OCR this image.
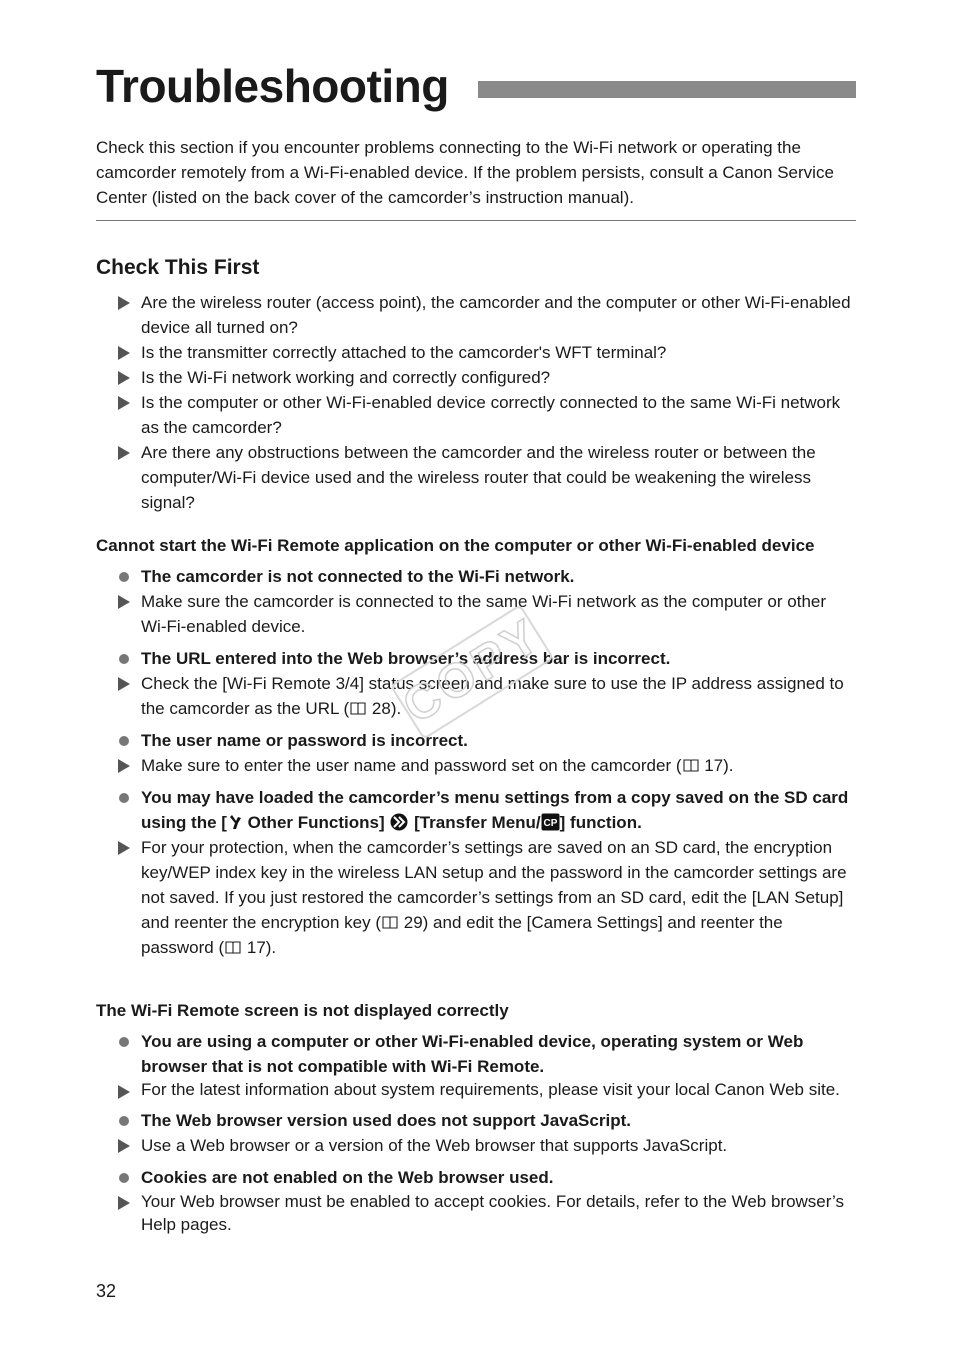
Troubleshooting
Check this section if you encounter problems connecting to the Wi-Fi network or operating the camcorder remotely from a Wi-Fi-enabled device. If the problem persists, consult a Canon Service Center (listed on the back cover of the camcorder’s instruction manual).
Check This First
Are the wireless router (access point), the camcorder and the computer or other Wi-Fi-enabled device all turned on?
Is the transmitter correctly attached to the camcorder's WFT terminal?
Is the Wi-Fi network working and correctly configured?
Is the computer or other Wi-Fi-enabled device correctly connected to the same Wi-Fi network as the camcorder?
Are there any obstructions between the camcorder and the wireless router or between the computer/Wi-Fi device used and the wireless router that could be weakening the wireless signal?
Cannot start the Wi-Fi Remote application on the computer or other Wi-Fi-enabled device
The camcorder is not connected to the Wi-Fi network.
Make sure the camcorder is connected to the same Wi-Fi network as the computer or other Wi-Fi-enabled device.
The URL entered into the Web browser’s address bar is incorrect.
Check the [Wi-Fi Remote 3/4] status screen and make sure to use the IP address assigned to the camcorder as the URL ( 28).
The user name or password is incorrect.
Make sure to enter the user name and password set on the camcorder ( 17).
You may have loaded the camcorder’s menu settings from a copy saved on the SD card using the [ Other Functions]  [Transfer Menu/ CP ] function.
For your protection, when the camcorder’s settings are saved on an SD card, the encryption key/WEP index key in the wireless LAN setup and the password in the camcorder settings are not saved. If you just restored the camcorder’s settings from an SD card, edit the [LAN Setup] and reenter the encryption key ( 29) and edit the [Camera Settings] and reenter the password ( 17).
The Wi-Fi Remote screen is not displayed correctly
You are using a computer or other Wi-Fi-enabled device, operating system or Web browser that is not compatible with Wi-Fi Remote.
For the latest information about system requirements, please visit your local Canon Web site.
The Web browser version used does not support JavaScript.
Use a Web browser or a version of the Web browser that supports JavaScript.
Cookies are not enabled on the Web browser used.
Your Web browser must be enabled to accept cookies. For details, refer to the Web browser’s Help pages.
32
COPY
